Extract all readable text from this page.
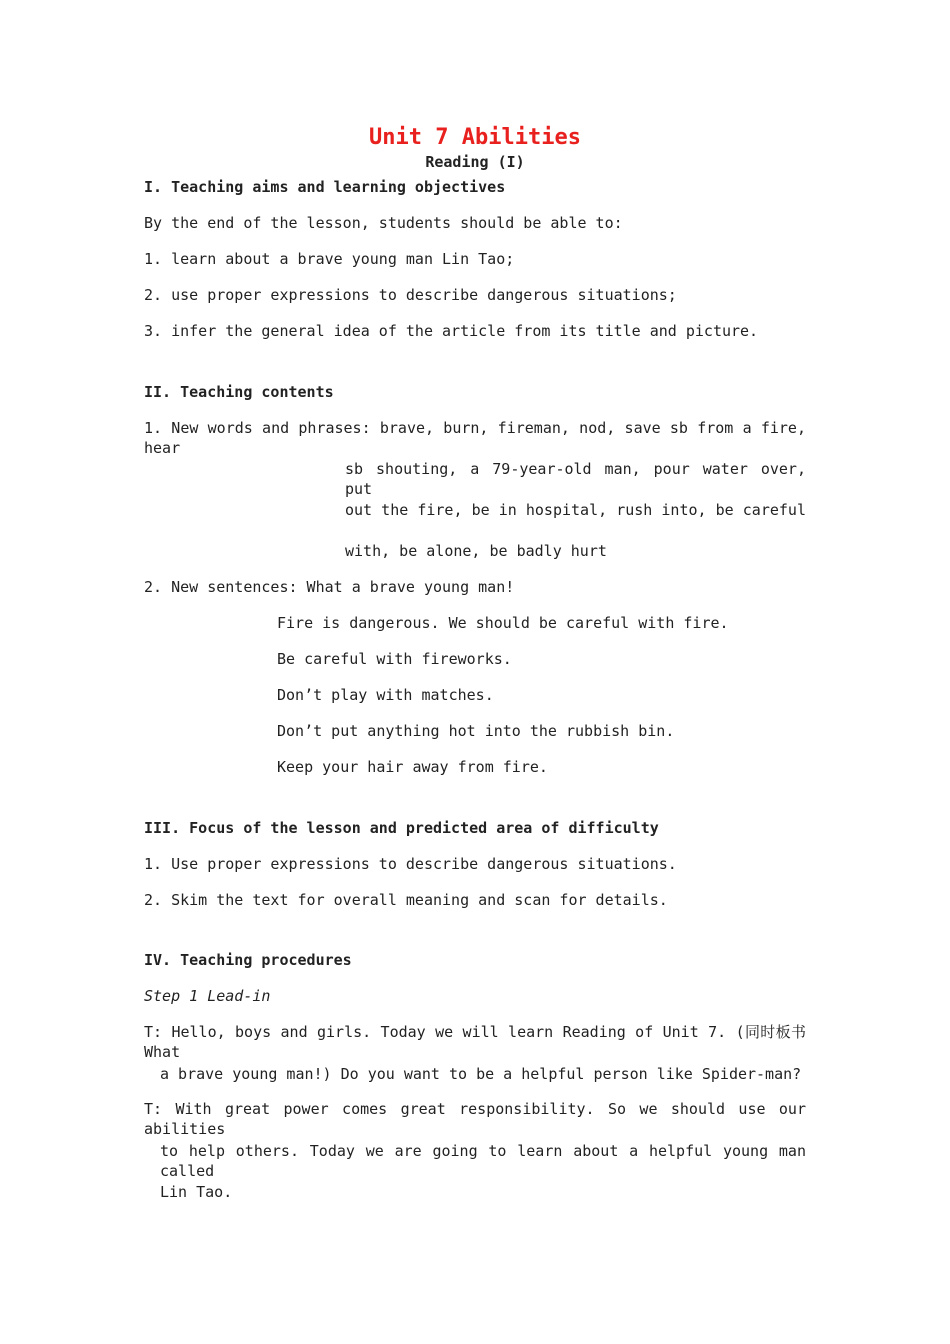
Unit 7 Abilities
Reading (I)
I. Teaching aims and learning objectives
By the end of the lesson, students should be able to:
1. learn about a brave young man Lin Tao;
2. use proper expressions to describe dangerous situations;
3. infer the general idea of the article from its title and picture.
II. Teaching contents
1. New words and phrases: brave, burn, fireman, nod, save sb from a fire, hear
sb shouting, a 79-year-old man, pour water over, put
out the fire, be in hospital, rush into, be careful
with, be alone, be badly hurt
2. New sentences: What a brave young man!
Fire is dangerous. We should be careful with fire.
Be careful with fireworks.
Don’t play with matches.
Don’t put anything hot into the rubbish bin.
Keep your hair away from fire.
III. Focus of the lesson and predicted area of difficulty
1. Use proper expressions to describe dangerous situations.
2. Skim the text for overall meaning and scan for details.
IV. Teaching procedures
Step 1 Lead-in
T: Hello, boys and girls. Today we will learn Reading of Unit 7. (同时板书What
a brave young man!) Do you want to be a helpful person like Spider-man?
T: With great power comes great responsibility. So we should use our abilities
to help others. Today we are going to learn about a helpful young man called
Lin Tao.
